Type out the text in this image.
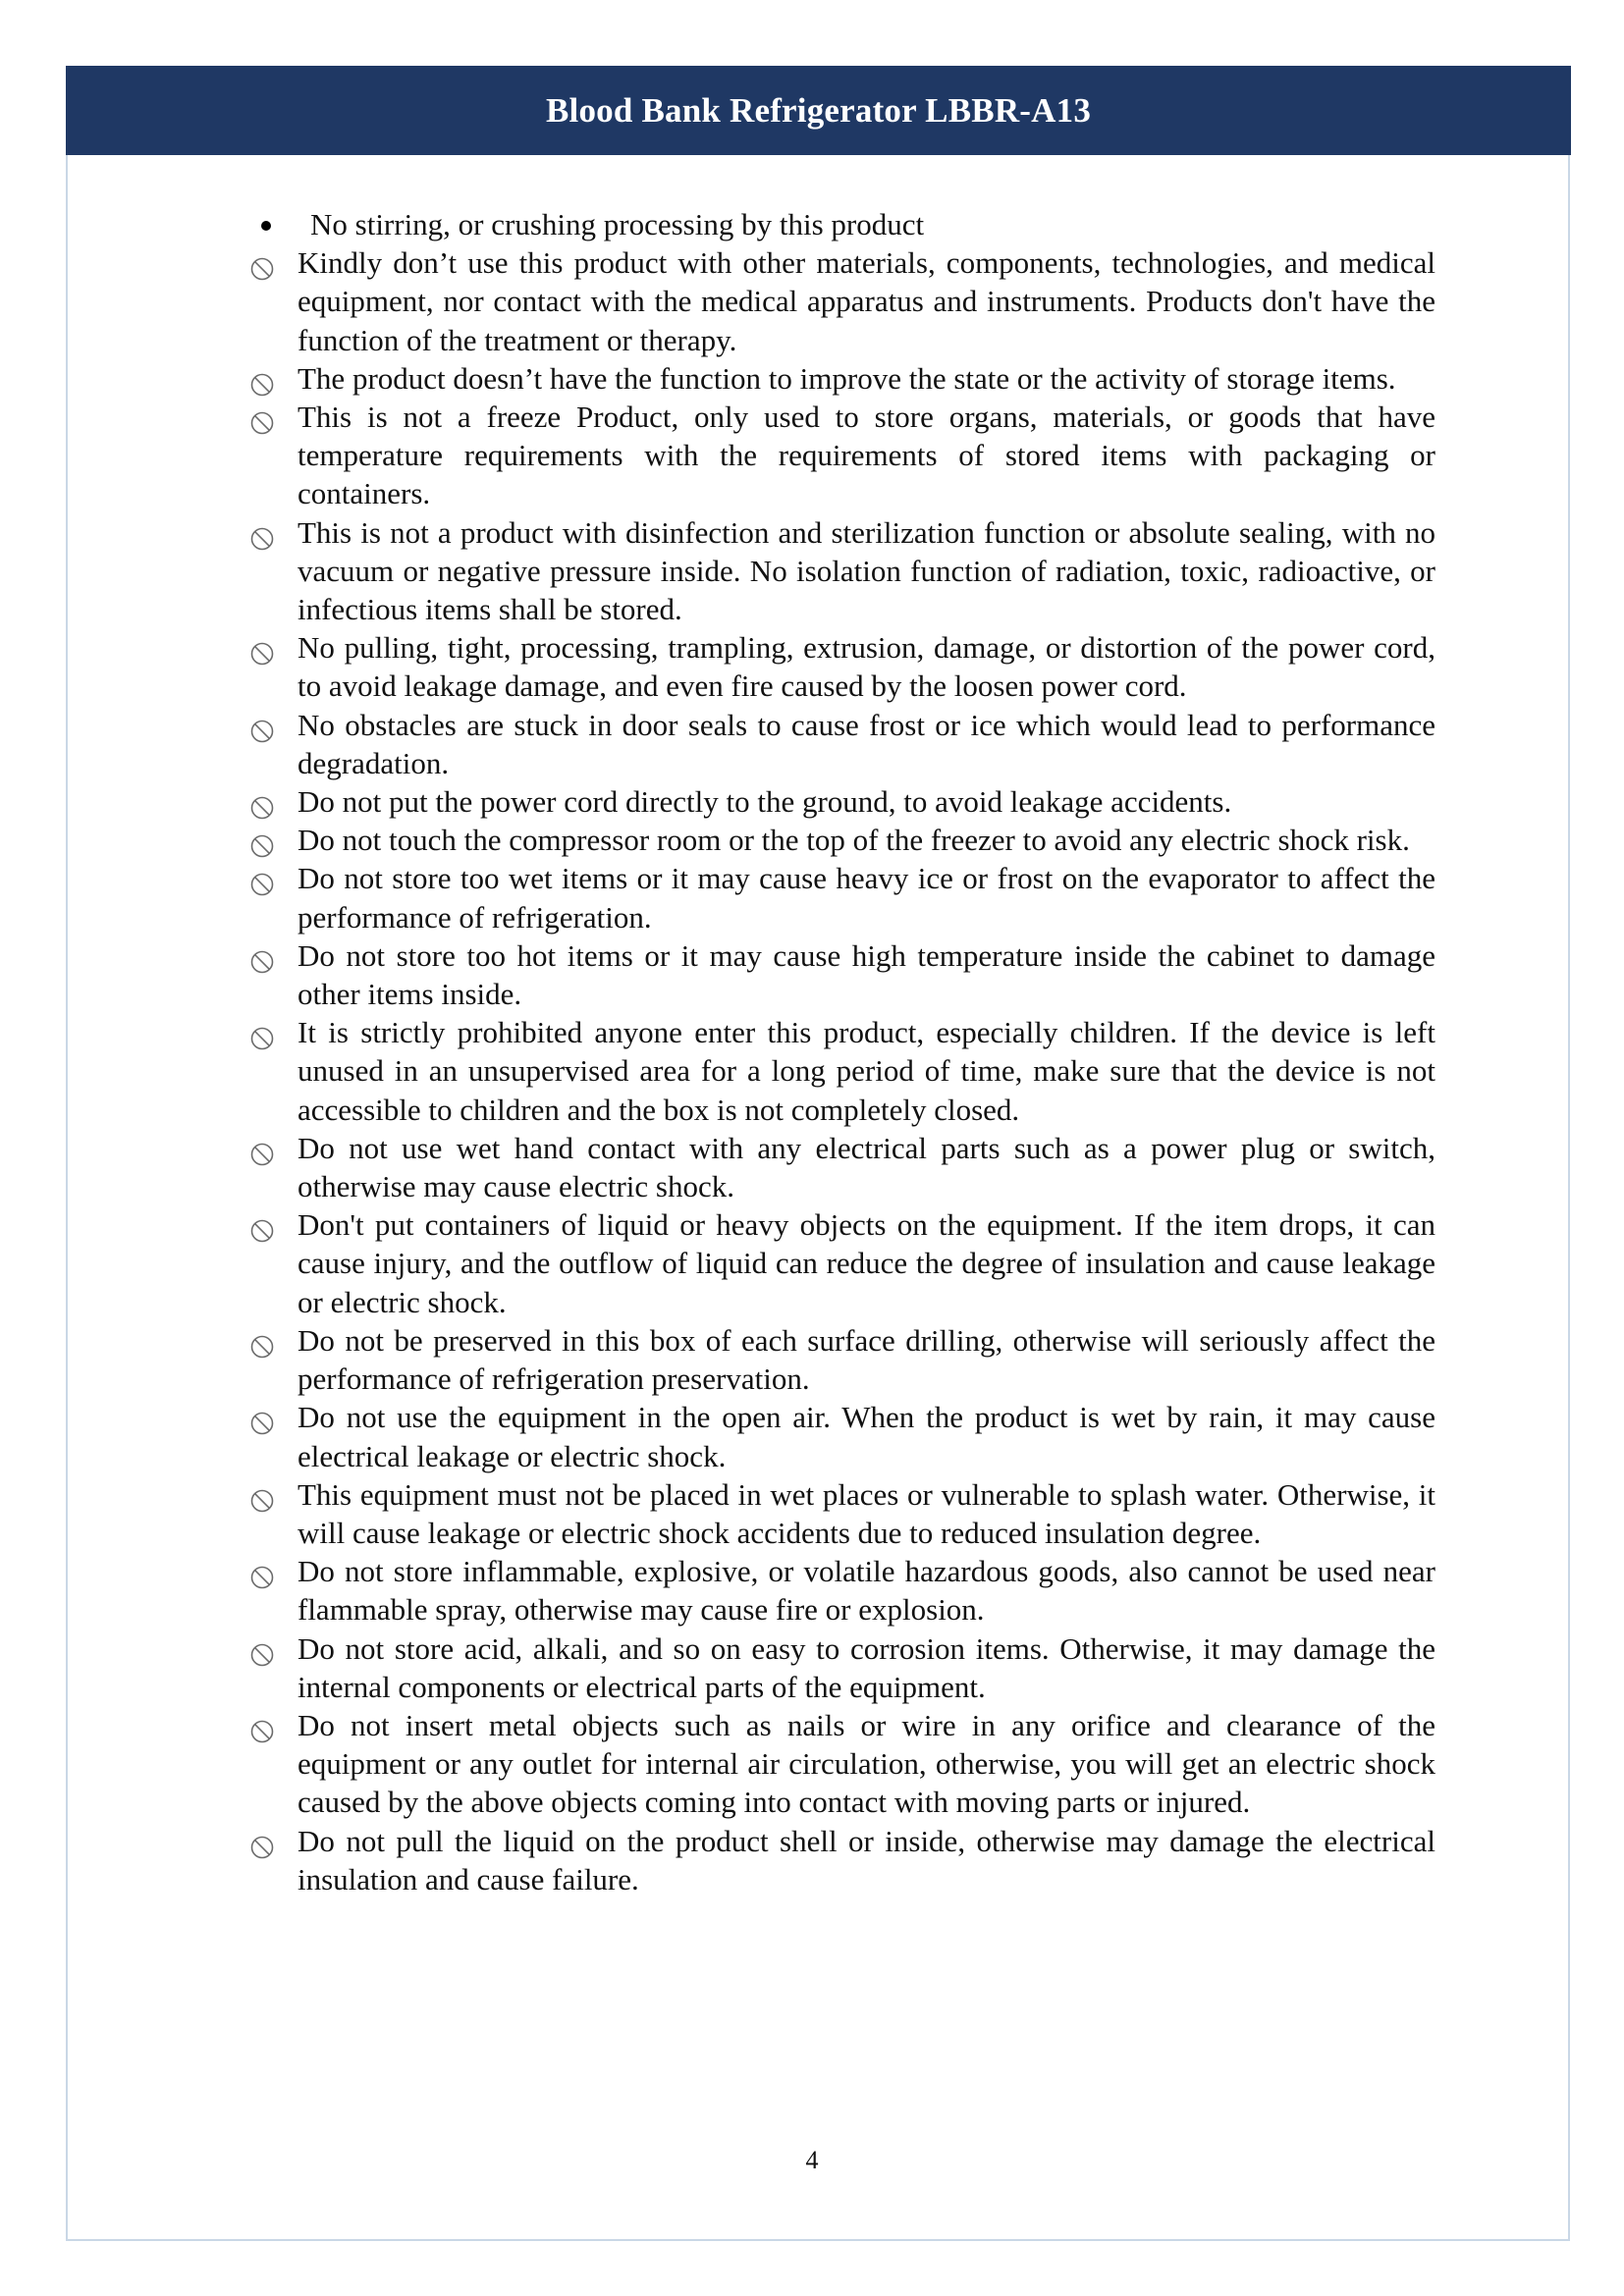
Blood Bank Refrigerator LBBR-A13
No stirring, or crushing processing by this product
Kindly don’t use this product with other materials, components, technologies, and medical equipment, nor contact with the medical apparatus and instruments. Products don't have the function of the treatment or therapy.
The product doesn’t have the function to improve the state or the activity of storage items.
This is not a freeze Product, only used to store organs, materials, or goods that have temperature requirements with the requirements of stored items with packaging or containers.
This is not a product with disinfection and sterilization function or absolute sealing, with no vacuum or negative pressure inside. No isolation function of radiation, toxic, radioactive, or infectious items shall be stored.
No pulling, tight, processing, trampling, extrusion, damage, or distortion of the power cord, to avoid leakage damage, and even fire caused by the loosen power cord.
No obstacles are stuck in door seals to cause frost or ice which would lead to performance degradation.
Do not put the power cord directly to the ground, to avoid leakage accidents.
Do not touch the compressor room or the top of the freezer to avoid any electric shock risk.
Do not store too wet items or it may cause heavy ice or frost on the evaporator to affect the performance of refrigeration.
Do not store too hot items or it may cause high temperature inside the cabinet to damage other items inside.
It is strictly prohibited anyone enter this product, especially children. If the device is left unused in an unsupervised area for a long period of time, make sure that the device is not accessible to children and the box is not completely closed.
Do not use wet hand contact with any electrical parts such as a power plug or switch, otherwise may cause electric shock.
Don't put containers of liquid or heavy objects on the equipment. If the item drops, it can cause injury, and the outflow of liquid can reduce the degree of insulation and cause leakage or electric shock.
Do not be preserved in this box of each surface drilling, otherwise will seriously affect the performance of refrigeration preservation.
Do not use the equipment in the open air. When the product is wet by rain, it may cause electrical leakage or electric shock.
This equipment must not be placed in wet places or vulnerable to splash water. Otherwise, it will cause leakage or electric shock accidents due to reduced insulation degree.
Do not store inflammable, explosive, or volatile hazardous goods, also cannot be used near flammable spray, otherwise may cause fire or explosion.
Do not store acid, alkali, and so on easy to corrosion items. Otherwise, it may damage the internal components or electrical parts of the equipment.
Do not insert metal objects such as nails or wire in any orifice and clearance of the equipment or any outlet for internal air circulation, otherwise, you will get an electric shock caused by the above objects coming into contact with moving parts or injured.
Do not pull the liquid on the product shell or inside, otherwise may damage the electrical insulation and cause failure.
4
